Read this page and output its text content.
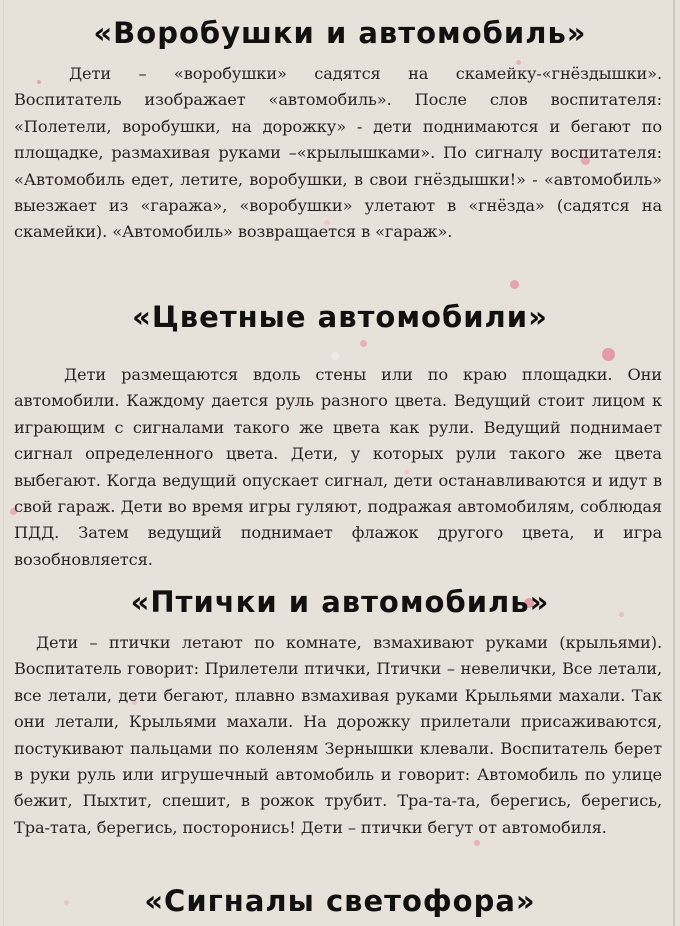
«Воробушки и автомобиль»

Дети – «воробушки» садятся на скамейку-«гнёздышки». Воспитатель изображает «автомобиль». После слов воспитателя: «Полетели, воробушки, на дорожку» - дети поднимаются и бегают по площадке, размахивая руками –«крылышками». По сигналу воспитателя: «Автомобиль едет, летите, воробушки, в свои гнёздышки!» - «автомобиль» выезжает из «гаража», «воробушки» улетают в «гнёзда» (садятся на скамейки). «Автомобиль» возвращается в «гараж».

«Цветные автомобили»

Дети размещаются вдоль стены или по краю площадки. Они автомобили. Каждому дается руль разного цвета. Ведущий стоит лицом к играющим с сигналами такого же цвета как рули. Ведущий поднимает сигнал определенного цвета. Дети, у которых рули такого же цвета выбегают. Когда ведущий опускает сигнал, дети останавливаются и идут в свой гараж. Дети во время игры гуляют, подражая автомобилям, соблюдая ПДД. Затем ведущий поднимает флажок другого цвета, и игра возобновляется.

«Птички и автомобиль»

Дети – птички летают по комнате, взмахивают руками (крыльями). Воспитатель говорит: Прилетели птички, Птички – невелички, Все летали, все летали, дети бегают, плавно взмахивая руками Крыльями махали. Так они летали, Крыльями махали. На дорожку прилетали присаживаются, постукивают пальцами по коленям Зернышки клевали. Воспитатель берет в руки руль или игрушечный автомобиль и говорит: Автомобиль по улице бежит, Пыхтит, спешит, в рожок трубит. Тра-та-та, берегись, берегись, Тра-тата, берегись, посторонись! Дети – птички бегут от автомобиля.

«Сигналы светофора»
